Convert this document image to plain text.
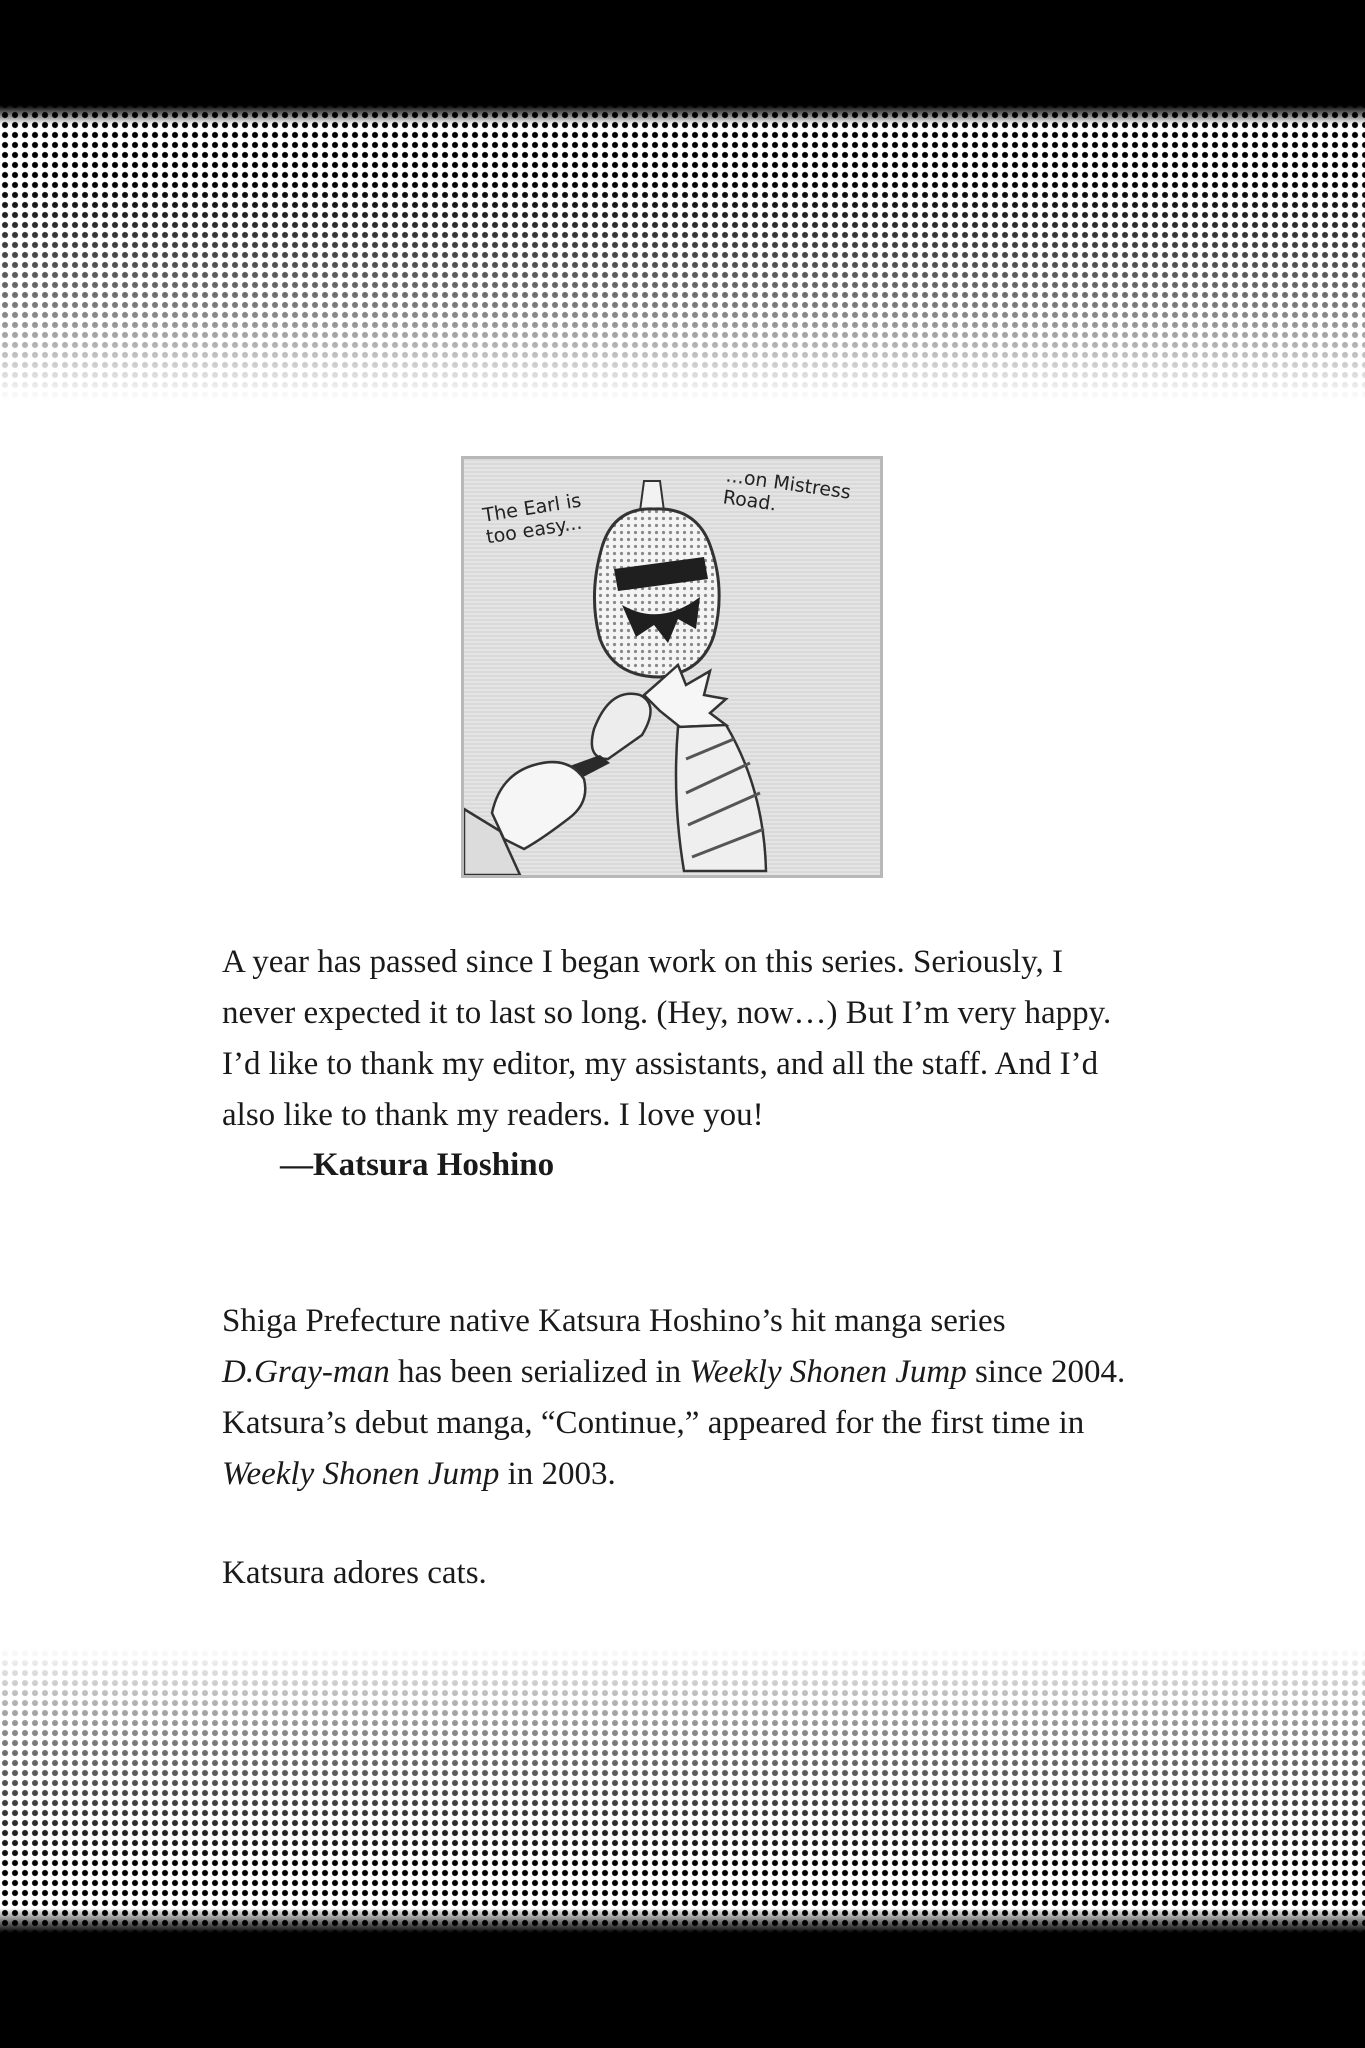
The Earl is
too easy...
...on Mistress
Road.

A year has passed since I began work on this series. Seriously, I

never expected it to last so long. (Hey, now…) But I’m very happy.

I’d like to thank my editor, my assistants, and all the staff. And I’d

also like to thank my readers. I love you!

—Katsura Hoshino

Shiga Prefecture native Katsura Hoshino’s hit manga series

D.Gray-man has been serialized in Weekly Shonen Jump since 2004.

Katsura’s debut manga, “Continue,” appeared for the first time in

Weekly Shonen Jump in 2003.

Katsura adores cats.
